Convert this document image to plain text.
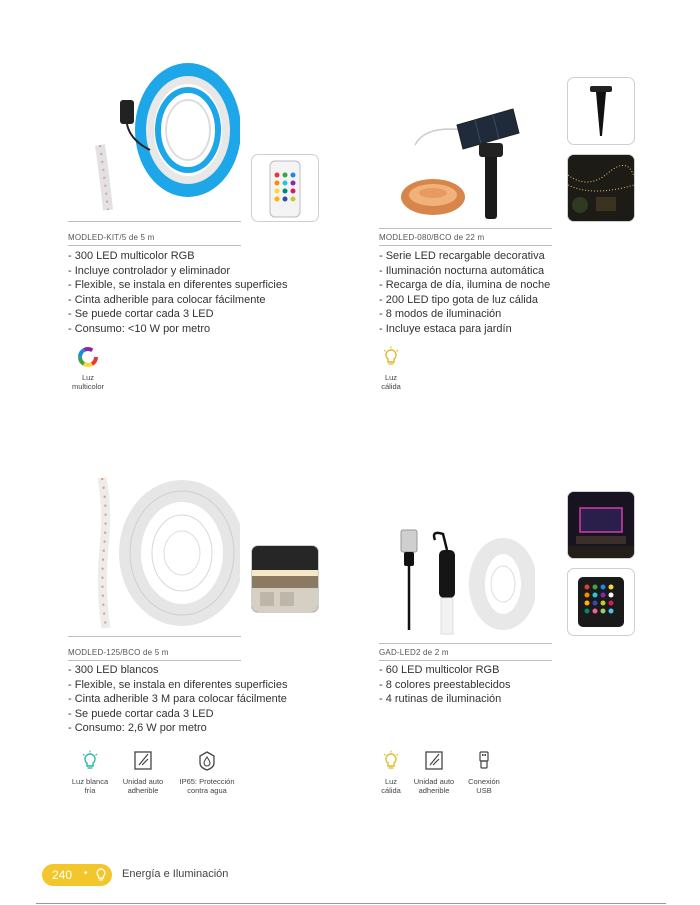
MODLED-KIT/5 de 5 m
- 300 LED multicolor RGB
- Incluye controlador y eliminador
- Flexible, se instala en diferentes superficies
- Cinta adherible para colocar fácilmente
- Se puede cortar cada 3 LED
- Consumo: <10 W por metro
Luz
multicolor
MODLED-080/BCO de 22 m
- Serie LED recargable decorativa
- Iluminación nocturna automática
- Recarga de día, ilumina de noche
- 200 LED tipo gota de luz cálida
- 8 modos de iluminación
- Incluye estaca para jardín
Luz
cálida
MODLED-125/BCO de 5 m
- 300 LED blancos
- Flexible, se instala en diferentes superficies
- Cinta adherible 3 M para colocar fácilmente
- Se puede cortar cada 3 LED
- Consumo: 2,6 W por metro
Luz blanca
fría
Unidad auto
adherible
IP65: Protección
contra agua
GAD-LED2 de 2 m
- 60 LED multicolor RGB
- 8 colores preestablecidos
- 4 rutinas de iluminación
Luz
cálida
Unidad auto
adherible
Conexión
USB
240 •	Energía e Iluminación
